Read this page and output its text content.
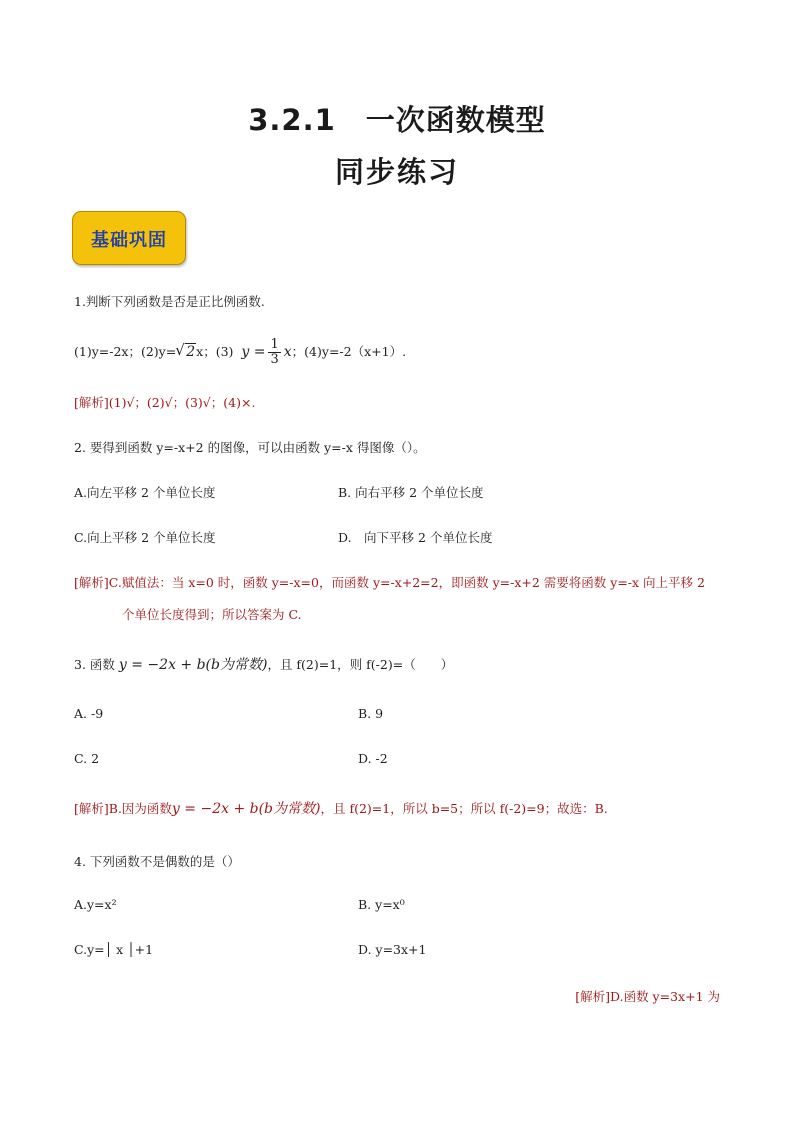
3.2.1　一次函数模型
同步练习
基础巩固
1.判断下列函数是否是正比例函数.
(1)y=-2x；(2)y=√ 2x；(3) $y = \frac{1}{3}$ x；(4)y=-2（x+1）.
[解析](1)√；(2)√；(3)√；(4)×.
2. 要得到函数 y=-x+2 的图像，可以由函数 y=-x 得图像（）。
A.向左平移 2 个单位长度	B. 向右平移 2 个单位长度
C.向上平移 2 个单位长度	D.　向下平移 2 个单位长度
[解析]C.赋值法：当 x=0 时，函数 y=-x=0，而函数 y=-x+2=2，即函数 y=-x+2 需要将函数 y=-x 向上平移 2
个单位长度得到；所以答案为 C.
3. 函数 y = −2x + b(b为常数)，且 f(2)=1，则 f(-2)=（　　）
A. -9	B. 9
C. 2	D. -2
[解析]B.因为函数y = −2x + b(b为常数)，且 f(2)=1，所以 b=5；所以 f(-2)=9；故选：B.
4. 下列函数不是偶数的是（）
A.y=x²	B. y=x⁰
C.y=│ x │+1	D. y=3x+1
[解析]D.函数 y=3x+1 为
